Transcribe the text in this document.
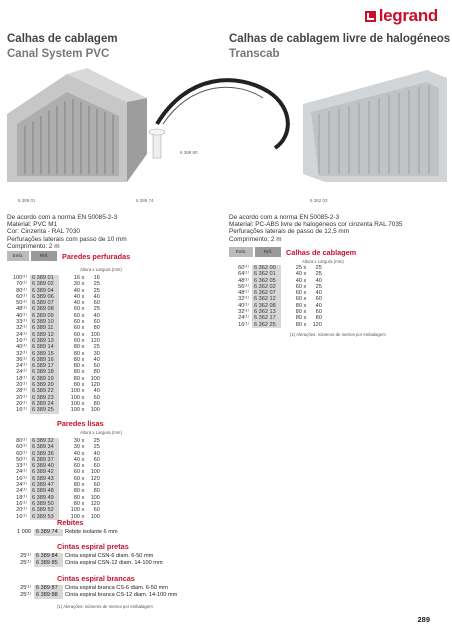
legrand
Calhas de cablagem
Canal System PVC
Calhas de cablagem livre de halogéneos
Transcab
6 389 01	6 389 74
6 389 80
6 362 03
De acordo com a norma EN 50085-2-3
Material: PVC M1
Cor: Cinzenta - RAL 7030
Perfurações laterais com passo de 10 mm
Comprimento: 2 m
De acordo com a norma EN 50085-2-3
Material: PC-ABS livre de halogéneos cor cinzenta RAL 7035
Perfurações laterais de passo de 12,5 mm
Comprimento: 2 m
Emb.	Ref.	Paredes perfuradas
Altura x Largura (mm)
100⁽¹⁾	6 389 01	16 x 16
70⁽¹⁾	6 389 02	30 x 25
80⁽¹⁾	6 389 04	40 x 25
60⁽¹⁾	6 389 06	40 x 40
50⁽¹⁾	6 389 07	40 x 60
48⁽¹⁾	6 389 08	60 x 25
40⁽¹⁾	6 389 09	60 x 40
33⁽¹⁾	6 389 10	60 x 60
32⁽¹⁾	6 389 11	60 x 80
24⁽¹⁾	6 389 12	60 x 100
16⁽¹⁾	6 389 13	60 x 120
40⁽¹⁾	6 389 14	80 x 25
32⁽¹⁾	6 389 15	80 x 30
36⁽¹⁾	6 389 16	80 x 40
24⁽¹⁾	6 389 17	80 x 60
24⁽¹⁾	6 389 18	80 x 80
18⁽¹⁾	6 389 19	80 x 100
20⁽¹⁾	6 389 20	80 x 120
28⁽¹⁾	6 389 22	100 x 40
20⁽¹⁾	6 389 23	100 x 60
20⁽¹⁾	6 389 24	100 x 80
16⁽¹⁾	6 389 25	100 x 100
Paredes lisas
Altura x Largura (mm)
80⁽¹⁾	6 389 32	30 x 25
60⁽¹⁾	6 389 34	30 x 25
60⁽¹⁾	6 389 36	40 x 40
50⁽¹⁾	6 389 37	40 x 60
33⁽¹⁾	6 389 40	60 x 60
24⁽¹⁾	6 389 42	60 x 100
16⁽¹⁾	6 389 43	60 x 120
24⁽¹⁾	6 389 47	80 x 60
24⁽¹⁾	6 389 48	80 x 80
18⁽¹⁾	6 389 49	80 x 100
16⁽¹⁾	6 389 50	80 x 120
20⁽¹⁾	6 389 52	100 x 60
16⁽¹⁾	6 389 53	100 x 100
Rebites
1 000 6 389 74	Rebite isolante 6 mm
Cintas espiral pretas
25⁽¹⁾ 6 389 84	Cinta espiral CSN-6 diam. 6-50 mm
25⁽¹⁾ 6 389 85	Cinta espiral CSN-12 diam. 14-100 mm
Cintas espiral brancas
25⁽¹⁾ 6 389 87	Cinta espiral branca CS-6 diam. 6-50 mm
25⁽¹⁾ 6 389 88	Cinta espiral branca CS-12 diam. 14-100 mm
(1) Alerações: números de metros por embalagem
Emb.	Ref.	Calhas de cablagem
Altura x Largura (mm)
60⁽¹⁾	6 362 00	25 x 25
64⁽¹⁾	6 362 01	40 x 25
48⁽¹⁾	6 362 05	40 x 40
56⁽¹⁾	6 362 02	60 x 25
48⁽¹⁾	6 362 07	60 x 40
32⁽¹⁾	6 362 12	60 x 60
40⁽¹⁾	6 362 08	80 x 40
32⁽¹⁾	6 362 13	80 x 60
24⁽¹⁾	6 362 17	80 x 80
16⁽¹⁾	6 362 25	80 x 120
(1) Alerações: números de metros por embalagem
289
